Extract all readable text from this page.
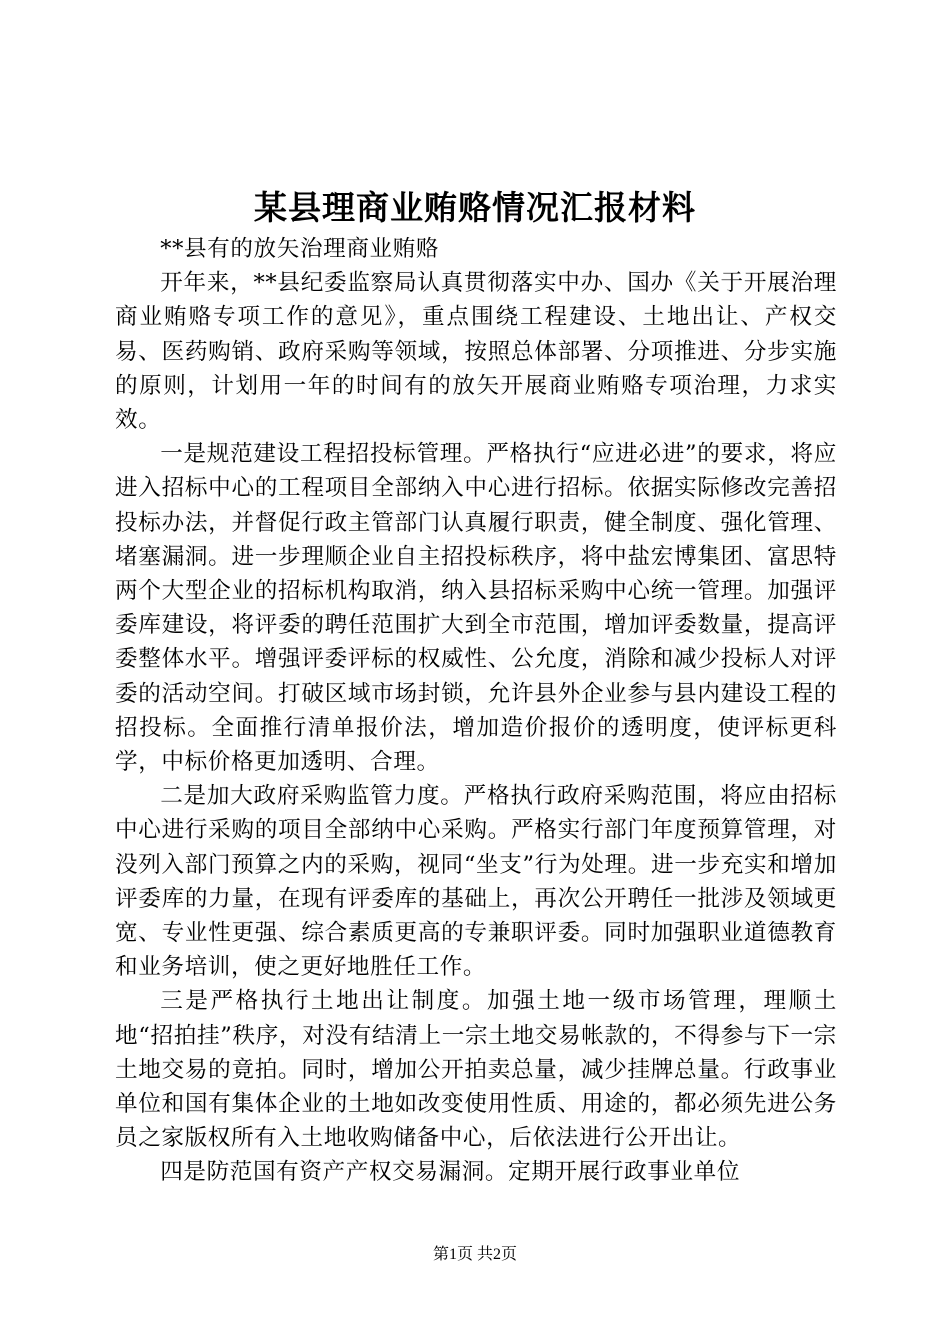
某县理商业贿赂情况汇报材料

**县有的放矢治理商业贿赂

开年来，**县纪委监察局认真贯彻落实中办、国办《关于开展治理商业贿赂专项工作的意见》，重点围绕工程建设、土地出让、产权交易、医药购销、政府采购等领域，按照总体部署、分项推进、分步实施的原则，计划用一年的时间有的放矢开展商业贿赂专项治理，力求实效。

一是规范建设工程招投标管理。严格执行“应进必进”的要求，将应进入招标中心的工程项目全部纳入中心进行招标。依据实际修改完善招投标办法，并督促行政主管部门认真履行职责，健全制度、强化管理、堵塞漏洞。进一步理顺企业自主招投标秩序，将中盐宏博集团、富思特两个大型企业的招标机构取消，纳入县招标采购中心统一管理。加强评委库建设，将评委的聘任范围扩大到全市范围，增加评委数量，提高评委整体水平。增强评委评标的权威性、公允度，消除和减少投标人对评委的活动空间。打破区域市场封锁，允许县外企业参与县内建设工程的招投标。全面推行清单报价法，增加造价报价的透明度，使评标更科学，中标价格更加透明、合理。

二是加大政府采购监管力度。严格执行政府采购范围，将应由招标中心进行采购的项目全部纳中心采购。严格实行部门年度预算管理，对没列入部门预算之内的采购，视同“坐支”行为处理。进一步充实和增加评委库的力量，在现有评委库的基础上，再次公开聘任一批涉及领域更宽、专业性更强、综合素质更高的专兼职评委。同时加强职业道德教育和业务培训，使之更好地胜任工作。

三是严格执行土地出让制度。加强土地一级市场管理，理顺土地“招拍挂”秩序，对没有结清上一宗土地交易帐款的，不得参与下一宗土地交易的竟拍。同时，增加公开拍卖总量，减少挂牌总量。行政事业单位和国有集体企业的土地如改变使用性质、用途的，都必须先进公务员之家版权所有入土地收购储备中心，后依法进行公开出让。

四是防范国有资产产权交易漏洞。定期开展行政事业单位

第1页 共2页
